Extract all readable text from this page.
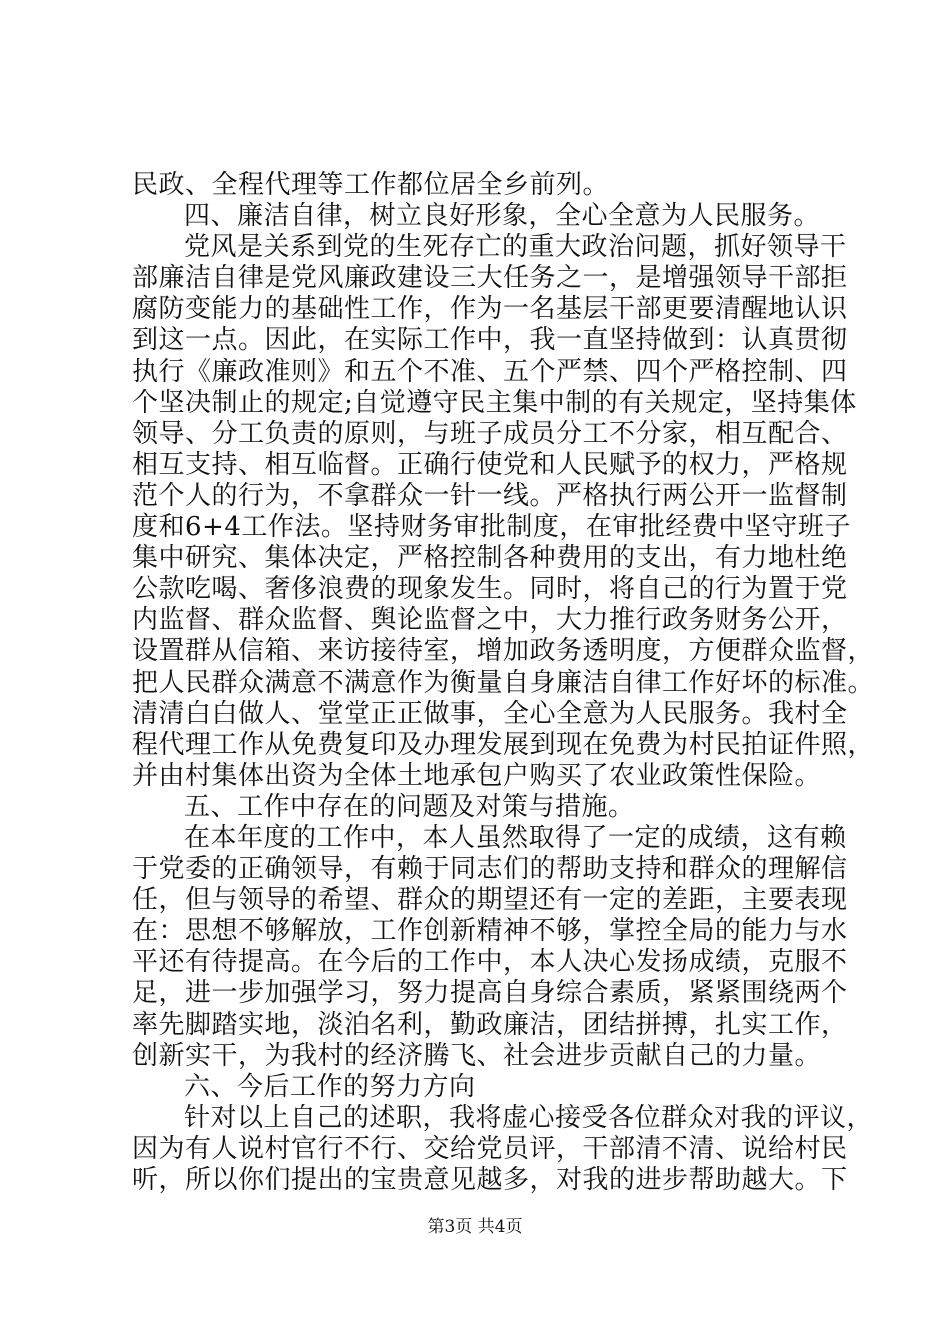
民政、全程代理等工作都位居全乡前列。
四、廉洁自律，树立良好形象，全心全意为人民服务。
党风是关系到党的生死存亡的重大政治问题，抓好领导干
部廉洁自律是党风廉政建设三大任务之一，是增强领导干部拒
腐防变能力的基础性工作，作为一名基层干部更要清醒地认识
到这一点。因此，在实际工作中，我一直坚持做到：认真贯彻
执行《廉政准则》和五个不准、五个严禁、四个严格控制、四
个坚决制止的规定;自觉遵守民主集中制的有关规定，坚持集体
领导、分工负责的原则，与班子成员分工不分家，相互配合、
相互支持、相互临督。正确行使党和人民赋予的权力，严格规
范个人的行为，不拿群众一针一线。严格执行两公开一监督制
度和6+4工作法。坚持财务审批制度，在审批经费中坚守班子
集中研究、集体决定，严格控制各种费用的支出，有力地杜绝
公款吃喝、奢侈浪费的现象发生。同时，将自己的行为置于党
内监督、群众监督、舆论监督之中，大力推行政务财务公开，
设置群从信箱、来访接待室，增加政务透明度，方便群众监督，
把人民群众满意不满意作为衡量自身廉洁自律工作好坏的标准。
清清白白做人、堂堂正正做事，全心全意为人民服务。我村全
程代理工作从免费复印及办理发展到现在免费为村民拍证件照，
并由村集体出资为全体土地承包户购买了农业政策性保险。
五、工作中存在的问题及对策与措施。
在本年度的工作中，本人虽然取得了一定的成绩，这有赖
于党委的正确领导，有赖于同志们的帮助支持和群众的理解信
任，但与领导的希望、群众的期望还有一定的差距，主要表现
在：思想不够解放，工作创新精神不够，掌控全局的能力与水
平还有待提高。在今后的工作中，本人决心发扬成绩，克服不
足，进一步加强学习，努力提高自身综合素质，紧紧围绕两个
率先脚踏实地，淡泊名利，勤政廉洁，团结拼搏，扎实工作，
创新实干，为我村的经济腾飞、社会进步贡献自己的力量。
六、今后工作的努力方向
针对以上自己的述职，我将虚心接受各位群众对我的评议，
因为有人说村官行不行、交给党员评，干部清不清、说给村民
听，所以你们提出的宝贵意见越多，对我的进步帮助越大。下
第3页 共4页
